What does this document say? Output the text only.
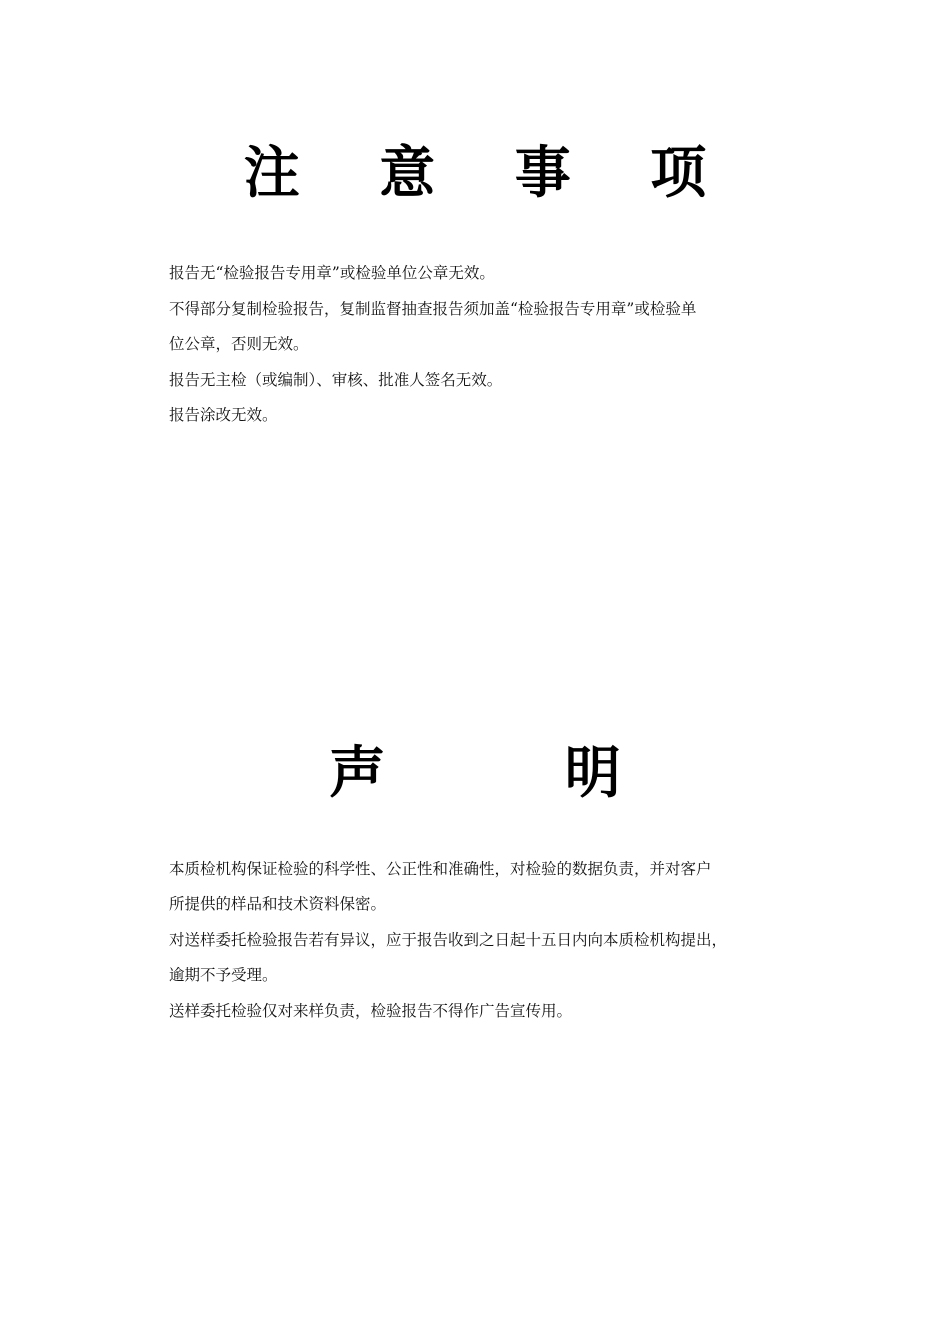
注 意 事 项

报告无“检验报告专用章”或检验单位公章无效。

不得部分复制检验报告，复制监督抽查报告须加盖“检验报告专用章”或检验单

位公章，否则无效。

报告无主检（或编制）、审核、批准人签名无效。

报告涂改无效。

声 明

本质检机构保证检验的科学性、公正性和准确性，对检验的数据负责，并对客户

所提供的样品和技术资料保密。

对送样委托检验报告若有异议，应于报告收到之日起十五日内向本质检机构提出，

逾期不予受理。

送样委托检验仅对来样负责，检验报告不得作广告宣传用。
